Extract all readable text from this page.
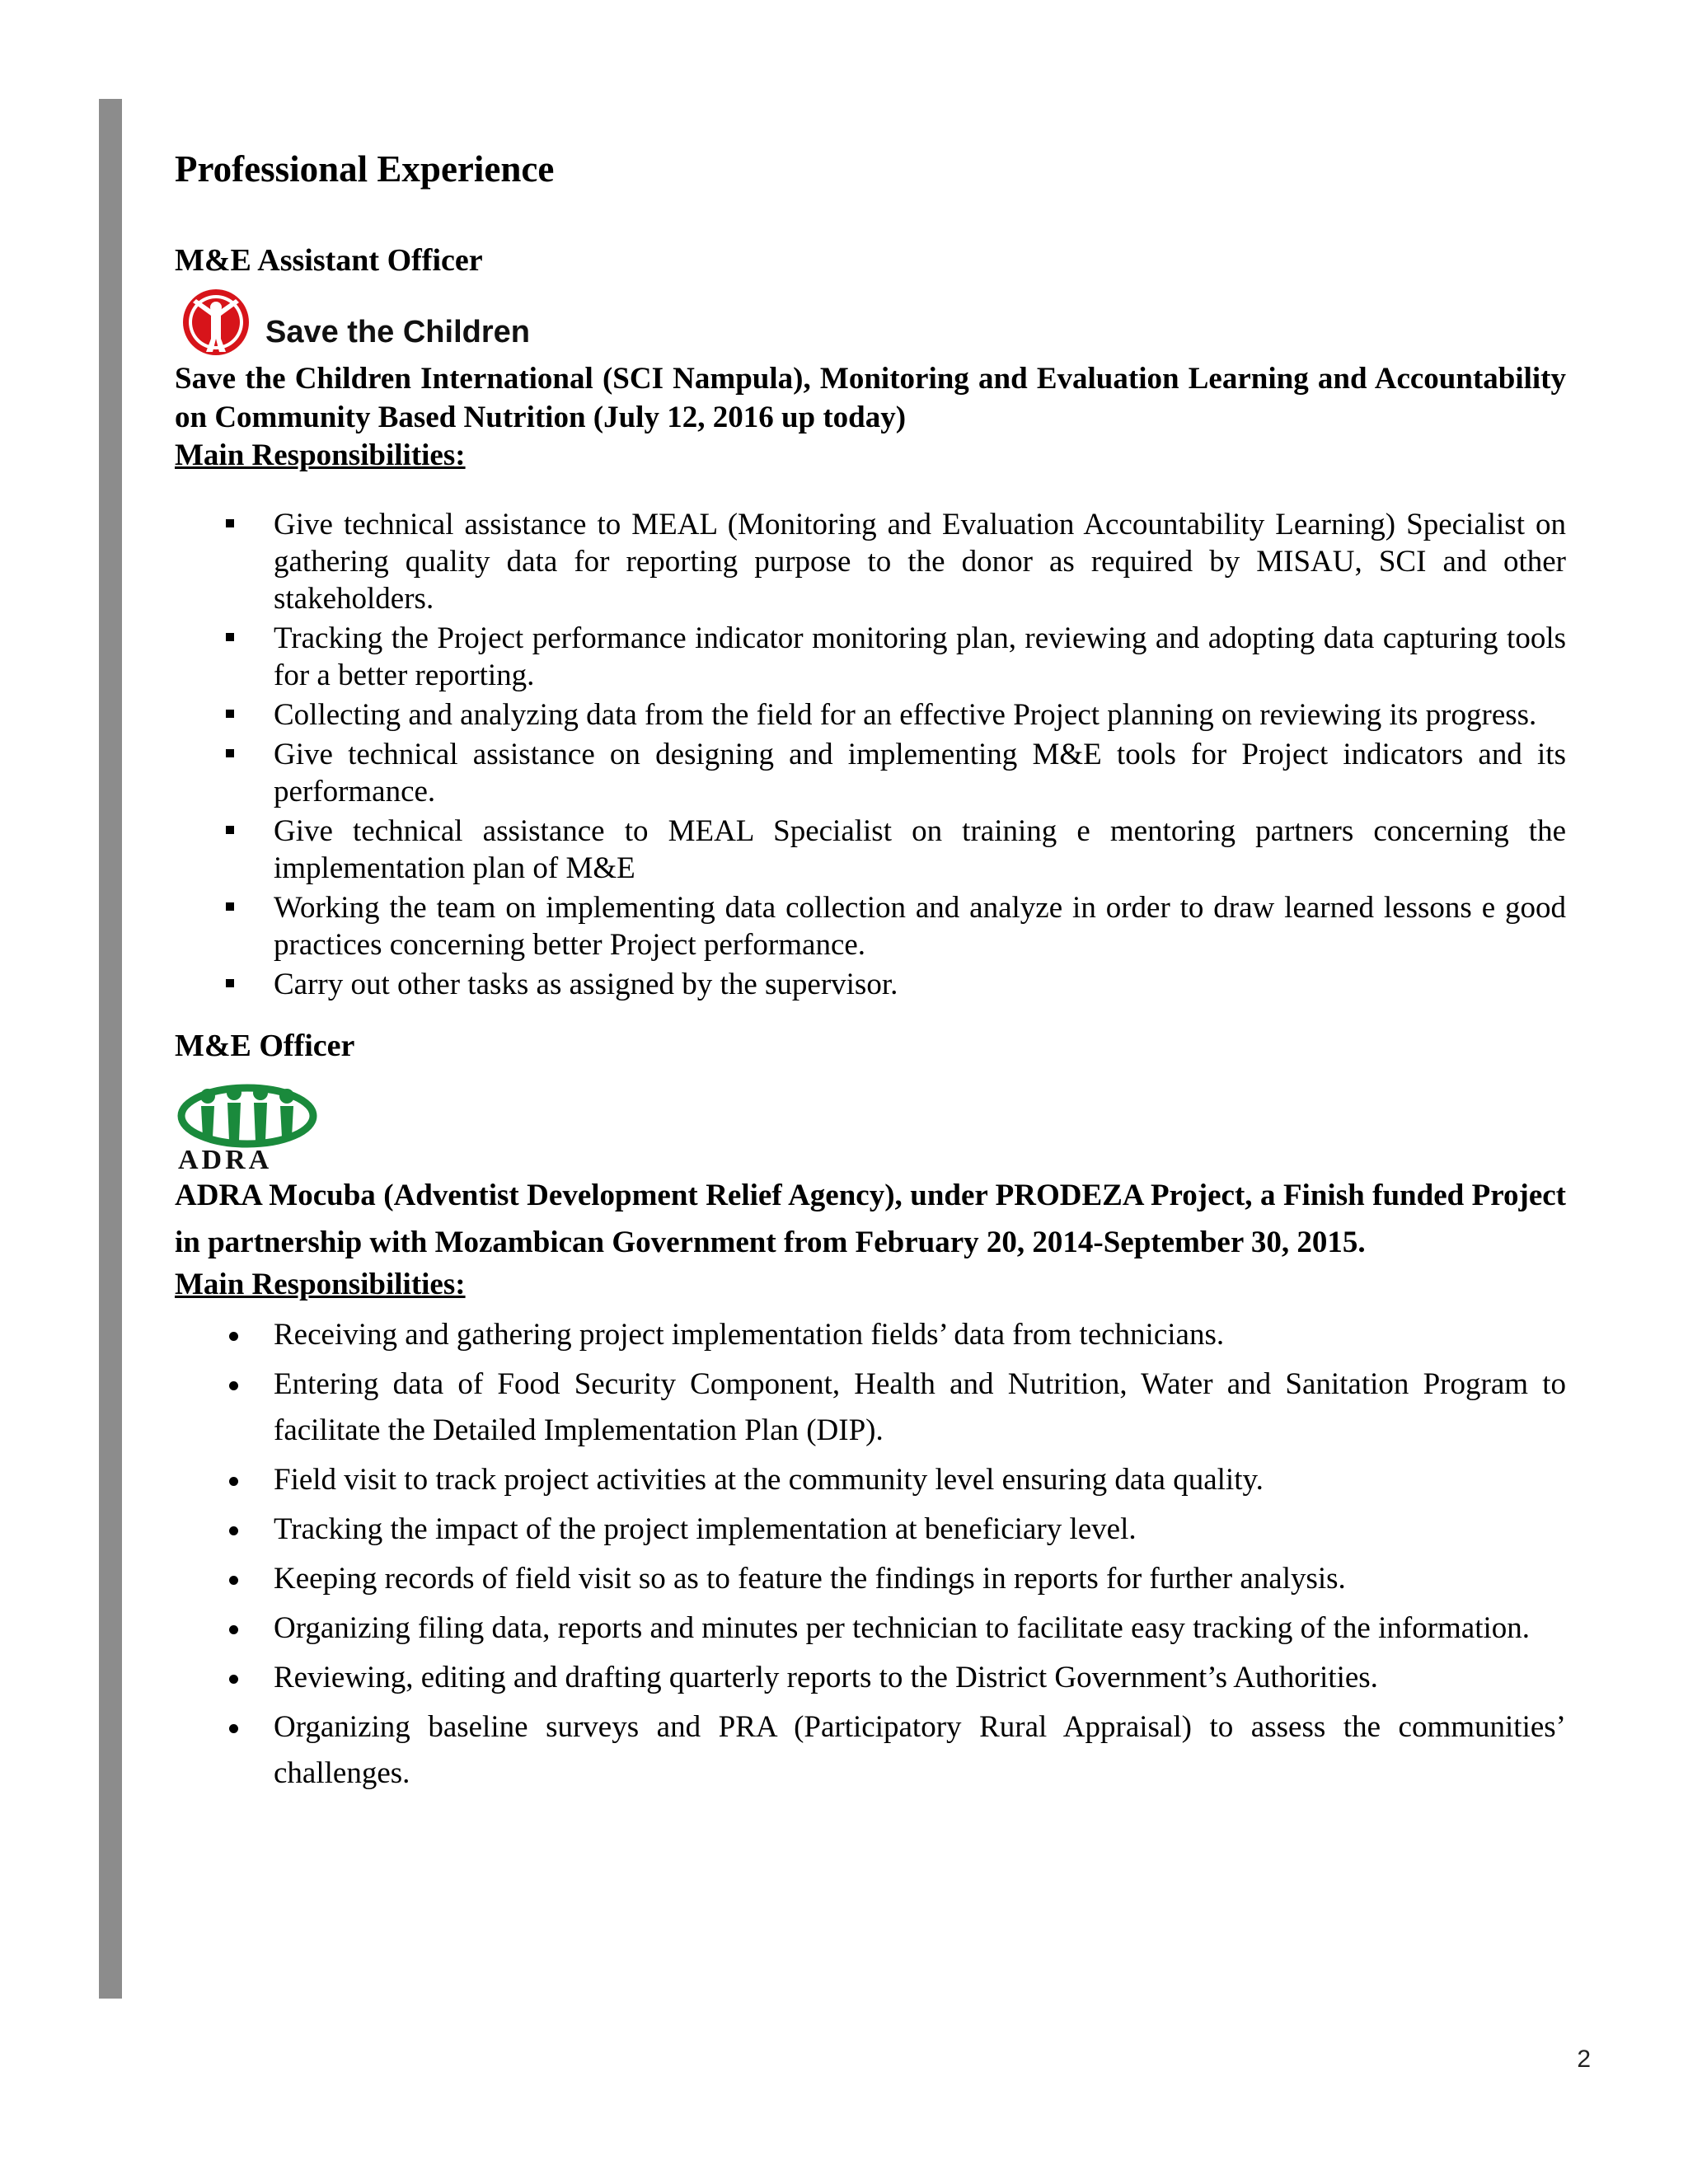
Professional Experience
M&E Assistant Officer
Save the Children

Save the Children International (SCI Nampula), Monitoring and Evaluation Learning and Accountability on Community Based Nutrition (July 12, 2016 up today)

Main Responsibilities:

Give technical assistance to MEAL (Monitoring and Evaluation Accountability Learning) Specialist on gathering quality data for reporting purpose to the donor as required by MISAU, SCI and other stakeholders.
Tracking the Project performance indicator monitoring plan, reviewing and adopting data capturing tools for a better reporting.
Collecting and analyzing data from the field for an effective Project planning on reviewing its progress.
Give technical assistance on designing and implementing M&E tools for Project indicators and its performance.
Give technical assistance to MEAL Specialist on training e mentoring partners concerning the implementation plan of M&E
Working the team on implementing data collection and analyze in order to draw learned lessons e good practices concerning better Project performance.
Carry out other tasks as assigned by the supervisor.
M&E Officer
ADRA

ADRA Mocuba (Adventist Development Relief Agency), under PRODEZA Project, a Finish funded Project in partnership with Mozambican Government from February 20, 2014-September 30, 2015.

Main Responsibilities:

Receiving and gathering project implementation fields’ data from technicians.
Entering data of Food Security Component, Health and Nutrition, Water and Sanitation Program to facilitate the Detailed Implementation Plan (DIP).
Field visit to track project activities at the community level ensuring data quality.
Tracking the impact of the project implementation at beneficiary level.
Keeping records of field visit so as to feature the findings in reports for further analysis.
Organizing filing data, reports and minutes per technician to facilitate easy tracking of the information.
Reviewing, editing and drafting quarterly reports to the District Government’s Authorities.
Organizing baseline surveys and PRA (Participatory Rural Appraisal) to assess the communities’ challenges.
2
